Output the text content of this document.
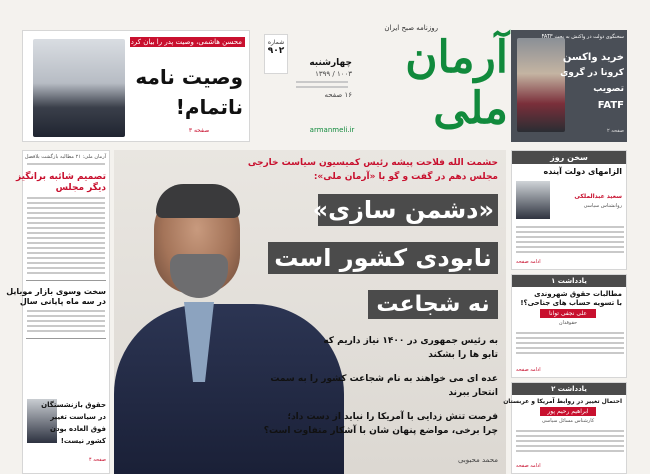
محسن هاشمی، وصیت پدر را بیان کرد
وصیت نامه
ناتمام!
صفحه ۳
شماره
۹۰۲	آرمان ملی
روزنامه صبح ایران
چهارشنبه
۱۰۰۳ / ۱۳۹۹
۱۶ صفحه
armanmeli.ir
سخنگوی دولت در واکنش به بحث FATF
خرید واکسن
کرونا در گروی
تصویب
FATF
صفحه ۲
آرمان ملی: ۲۱ مطالبه بازگشت بلافصل
تصمیم شائبه برانگیز
دیگر مجلس
سخت وسوی بازار موبایل
در سه ماه پایانی سال
حقوق بازنشستگان
در سیاست تغییر
فوق العاده بودن
کشور نیست!
صفحه ۴
حشمت الله فلاحت پیشه رئیس کمیسیون سیاست خارجی
مجلس دهم در گفت و گو با «آرمان ملی»:
«دشمن سازی»
نابودی کشور است
نه شجاعت
به رئیس جمهوری در ۱۴۰۰ نیاز داریم که
تابو ها را بشکند
عده ای می خواهند به نام شجاعت کشور را به سمت
انتحار ببرند
فرصت تنش زدایی با آمریکا را نباید از دست داد؛
چرا برخی، مواضع پنهان شان با آشکار متفاوت است؟
محمد محبوبی
سخن روز
الزامهای دولت آینده
سعید عبدالملکی
روانشناس سیاسی
ادامه صفحه
یادداشت ۱
مطالبات حقوق شهروندی
با تسویه حساب های جناحی؟!
علی نجفی توانا
حقوقدان
ادامه صفحه
یادداشت ۲
احتمال تغییر در روابط آمریکا و عربستان
ابراهیم رحیم پور
کارشناس مسائل سیاسی
ادامه صفحه
